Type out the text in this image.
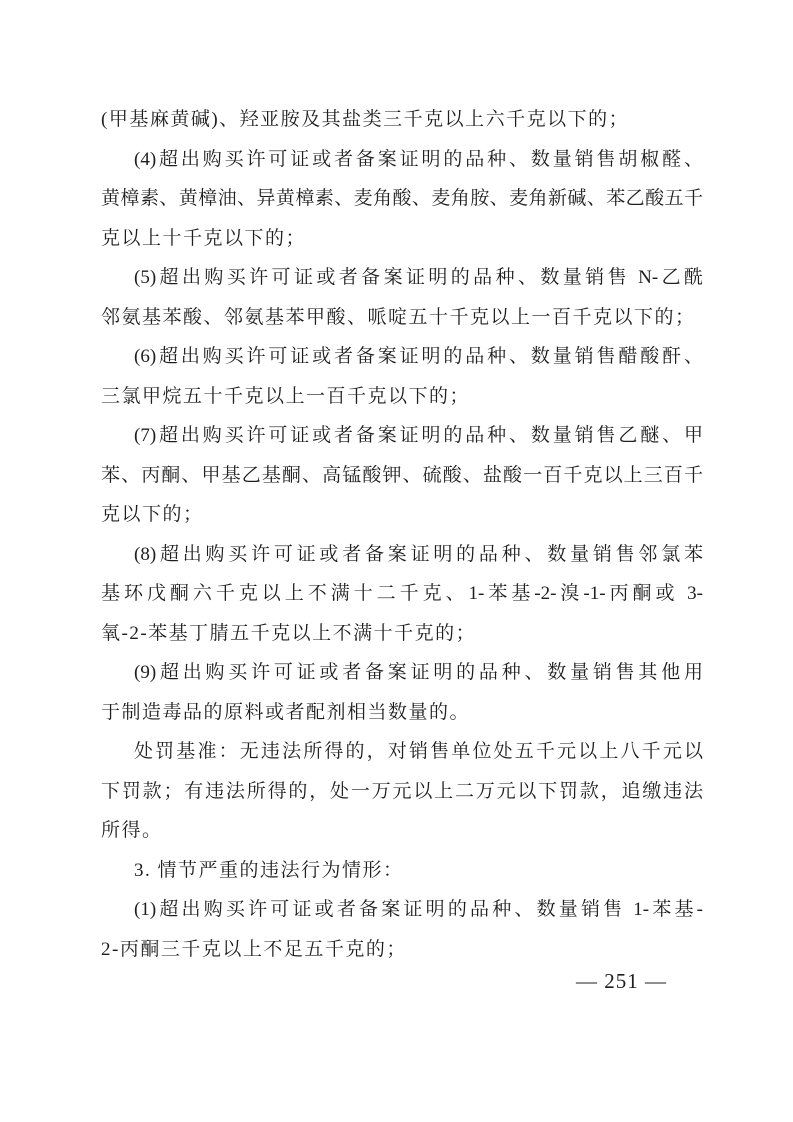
(甲基麻黄碱)、羟亚胺及其盐类三千克以上六千克以下的；
(4)超出购买许可证或者备案证明的品种、数量销售胡椒醛、
黄樟素、黄樟油、异黄樟素、麦角酸、麦角胺、麦角新碱、苯乙酸五千
克以上十千克以下的；
(5)超出购买许可证或者备案证明的品种、数量销售 N-乙酰
邻氨基苯酸、邻氨基苯甲酸、哌啶五十千克以上一百千克以下的；
(6)超出购买许可证或者备案证明的品种、数量销售醋酸酐、
三氯甲烷五十千克以上一百千克以下的；
(7)超出购买许可证或者备案证明的品种、数量销售乙醚、甲
苯、丙酮、甲基乙基酮、高锰酸钾、硫酸、盐酸一百千克以上三百千
克以下的；
(8)超出购买许可证或者备案证明的品种、数量销售邻氯苯
基环戊酮六千克以上不满十二千克、1-苯基-2-溴-1-丙酮或 3-
氧-2-苯基丁腈五千克以上不满十千克的；
(9)超出购买许可证或者备案证明的品种、数量销售其他用
于制造毒品的原料或者配剂相当数量的。
处罚基准：无违法所得的，对销售单位处五千元以上八千元以
下罚款；有违法所得的，处一万元以上二万元以下罚款，追缴违法
所得。
3. 情节严重的违法行为情形：
(1)超出购买许可证或者备案证明的品种、数量销售 1-苯基-
2-丙酮三千克以上不足五千克的；
— 251 —
